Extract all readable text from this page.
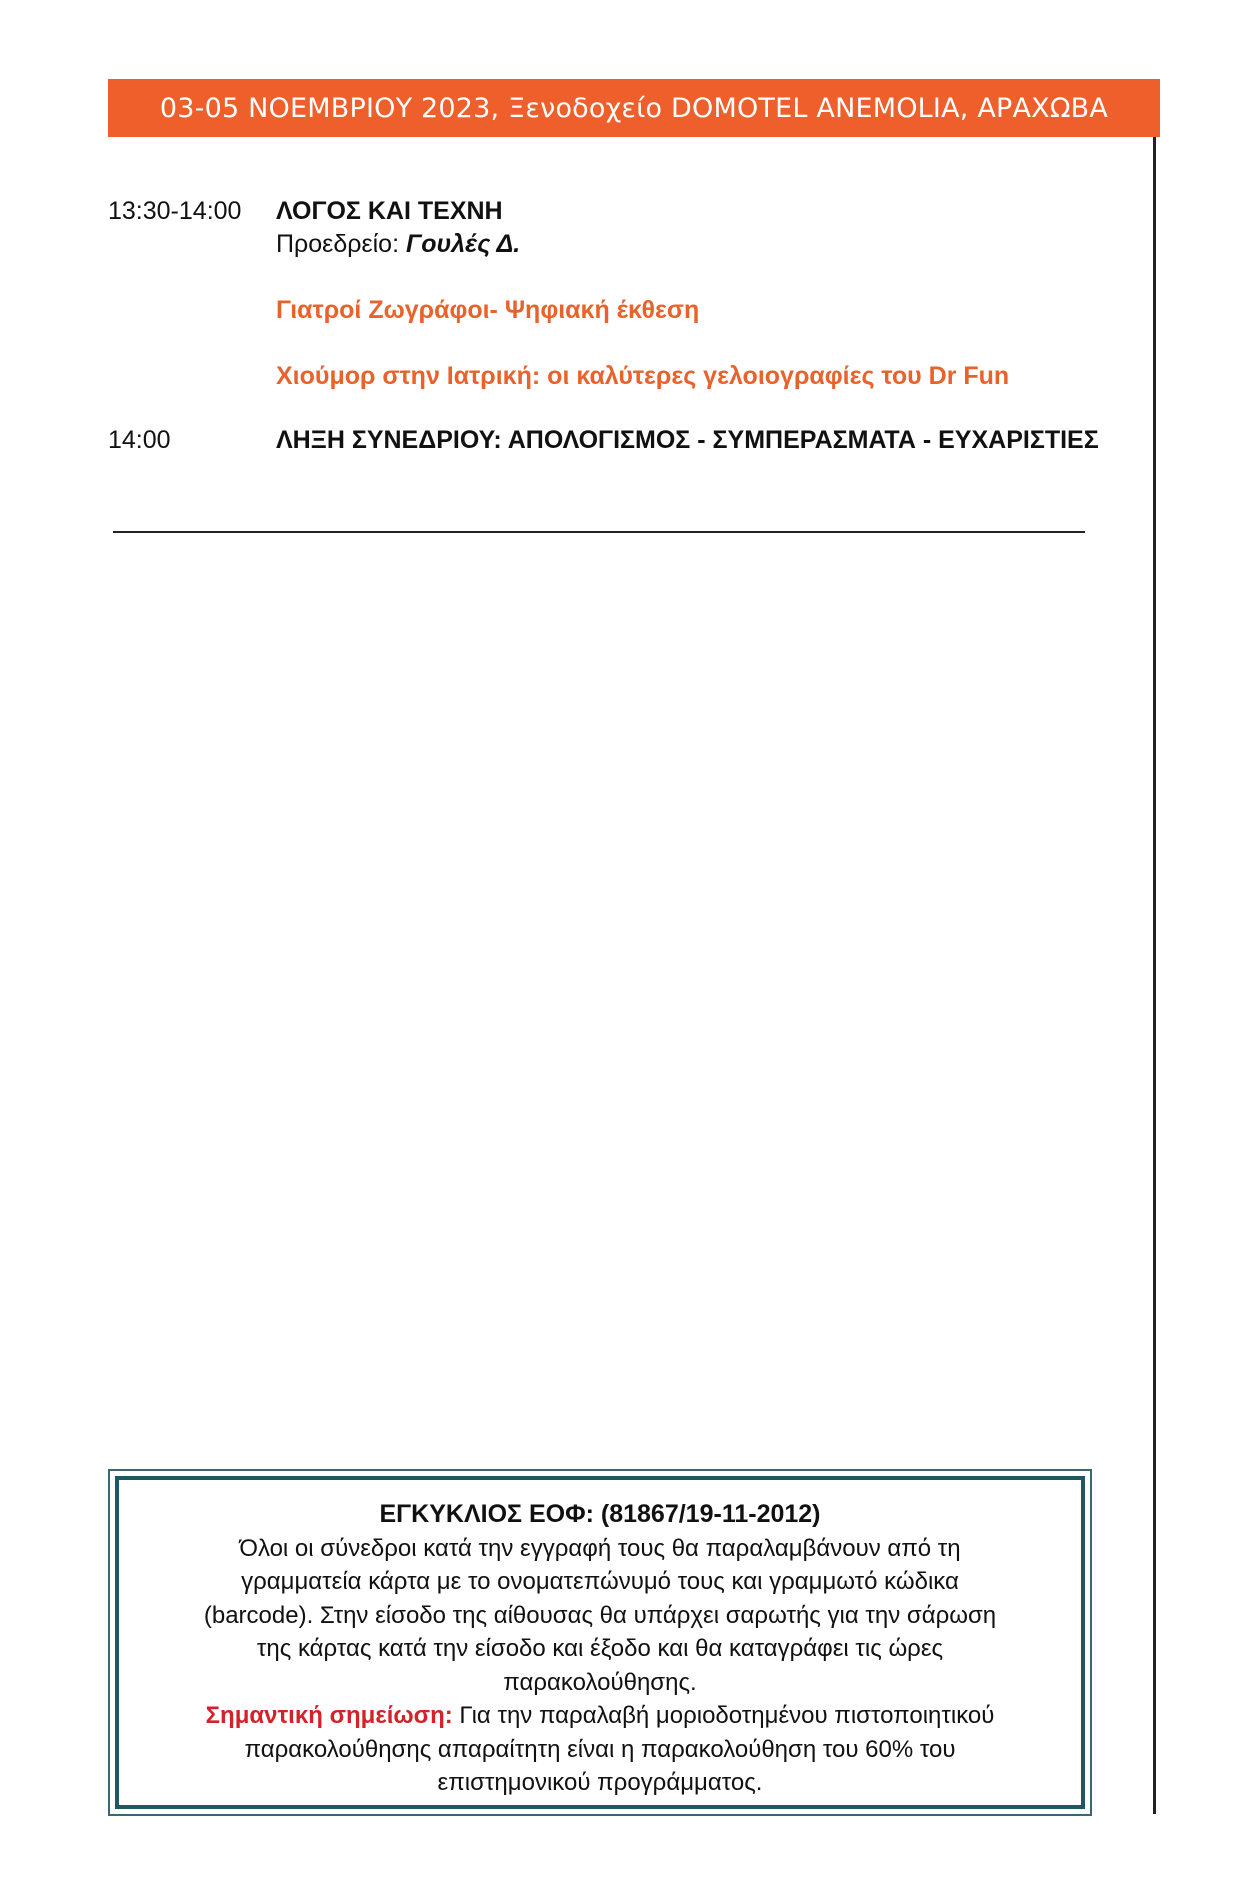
03-05 ΝΟΕΜΒΡΙΟΥ 2023, Ξενοδοχείο DOMOTEL ANEMOLIA, ΑΡΑΧΩΒΑ
13:30-14:00 ΛΟΓΟΣ ΚΑΙ ΤΕΧΝΗ
Προεδρείο: Γουλές Δ.
Γιατροί Ζωγράφοι- Ψηφιακή έκθεση
Χιούμορ στην Ιατρική: οι καλύτερες γελοιογραφίες του Dr Fun
14:00	ΛΗΞΗ ΣΥΝΕΔΡΙΟΥ: ΑΠΟΛΟΓΙΣΜΟΣ - ΣΥΜΠΕΡΑΣΜΑΤΑ - ΕΥΧΑΡΙΣΤΙΕΣ
ΕΓΚΥΚΛΙΟΣ ΕΟΦ: (81867/19-11-2012)
Όλοι οι σύνεδροι κατά την εγγραφή τους θα παραλαμβάνουν από τη
γραμματεία κάρτα με το ονοματεπώνυμό τους και γραμμωτό κώδικα
(barcode). Στην είσοδο της αίθουσας θα υπάρχει σαρωτής για την σάρωση
της κάρτας κατά την είσοδο και έξοδο και θα καταγράφει τις ώρες
παρακολούθησης.
Σημαντική σημείωση: Για την παραλαβή μοριοδοτημένου πιστοποιητικού
παρακολούθησης απαραίτητη είναι η παρακολούθηση του 60% του
επιστημονικού προγράμματος.
